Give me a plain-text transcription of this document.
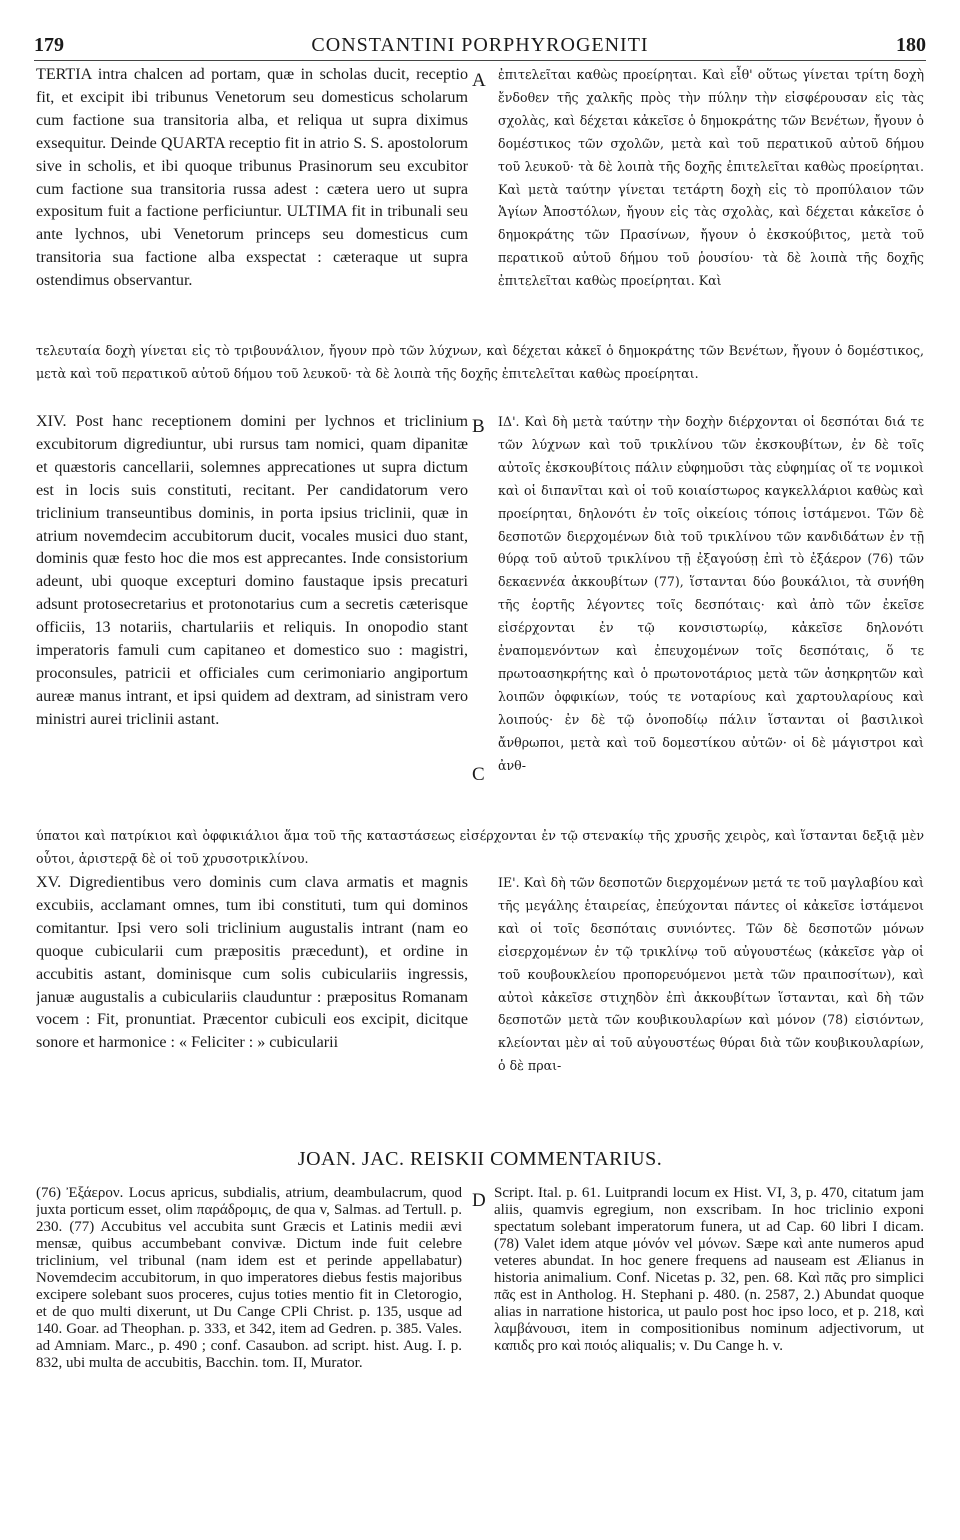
179	CONSTANTINI PORPHYROGENITI	180

TERTIA intra chalcen ad portam, quæ in scholas ducit, receptio fit, et excipit ibi tribunus Venetorum seu domesticus scholarum cum factione sua transitoria alba, et reliqua ut supra diximus exsequitur. Deinde QUARTA receptio fit in atrio S. S. apostolorum sive in scholis, et ibi quoque tribunus Prasinorum seu excubitor cum factione sua transitoria russa adest : cætera uero ut supra expositum fuit a factione perficiuntur. ULTIMA fit in tribunali seu ante lychnos, ubi Venetorum princeps seu domesticus cum transitoria sua factione alba exspectat : cæteraque ut supra ostendimus observantur.

A ἐπιτελεῖται καθὼς προείρηται. Καὶ εἶθ' οὕτως γίνεται τρίτη δοχὴ ἔνδοθεν τῆς χαλκῆς πρὸς τὴν πύλην τὴν εἰσφέρουσαν εἰς τὰς σχολὰς, καὶ δέχεται κἀκεῖσε ὁ δημοκράτης τῶν Βενέτων, ἤγουν ὁ δομέστικος τῶν σχολῶν, μετὰ καὶ τοῦ περατικοῦ αὐτοῦ δήμου τοῦ λευκοῦ· τὰ δὲ λοιπὰ τῆς δοχῆς ἐπιτελεῖται καθὼς προείρηται. Καὶ μετὰ ταύτην γίνεται τετάρτη δοχὴ εἰς τὸ προπύλαιον τῶν Ἁγίων Ἀποστόλων, ἤγουν εἰς τὰς σχολὰς, καὶ δέχεται κἀκεῖσε ὁ δημοκράτης τῶν Πρασίνων, ἤγουν ὁ ἐκσκούβιτος, μετὰ τοῦ περατικοῦ αὐτοῦ δήμου τοῦ ῥουσίου· τὰ δὲ λοιπὰ τῆς δοχῆς ἐπιτελεῖται καθὼς προείρηται. Καὶ

τελευταία δοχὴ γίνεται εἰς τὸ τριβουνάλιον, ἤγουν πρὸ τῶν λύχνων, καὶ δέχεται κἀκεῖ ὁ δημοκράτης τῶν Βενέτων, ἤγουν ὁ δομέστικος, μετὰ καὶ τοῦ περατικοῦ αὐτοῦ δήμου τοῦ λευκοῦ· τὰ δὲ λοιπὰ τῆς δοχῆς ἐπιτελεῖται καθὼς προείρηται.

XIV. Post hanc receptionem domini per lychnos et triclinium excubitorum digrediuntur, ubi rursus tam nomici, quam dipanitæ et quæstoris cancellarii, solemnes apprecationes ut supra dictum est in locis suis constituti, recitant. Per candidatorum vero triclinium transeuntibus dominis, in porta ipsius triclinii, quæ in atrium novemdecim accubitorum ducit, vocales musici duo stant, dominis quæ festo hoc die mos est apprecantes. Inde consistorium adeunt, ubi quoque excepturi domino faustaque ipsis precaturi adsunt protosecretarius et protonotarius cum a secretis cæterisque officiis, 13 notariis, chartulariis et reliquis. In onopodio stant imperatoris famuli cum capitaneo et domestico suo : magistri, proconsules, patricii et officiales cum cerimoniario angiportum aureæ manus intrant, et ipsi quidem ad dextram, ad sinistram vero ministri aurei triclinii astant.

B
C

ΙΔ'. Καὶ δὴ μετὰ ταύτην τὴν δοχὴν διέρχονται οἱ δεσπόται διά τε τῶν λύχνων καὶ τοῦ τρικλίνου τῶν ἐκσκουβίτων, ἐν δὲ τοῖς αὐτοῖς ἐκσκουβίτοις πάλιν εὐφημοῦσι τὰς εὐφημίας οἵ τε νομικοὶ καὶ οἱ διπανῖται καὶ οἱ τοῦ κοιαίστωρος καγκελλάριοι καθὼς καὶ προείρηται, δηλονότι ἐν τοῖς οἰκείοις τόποις ἱστάμενοι. Τῶν δὲ δεσποτῶν διερχομένων διὰ τοῦ τρικλίνου τῶν κανδιδάτων ἐν τῇ θύρᾳ τοῦ αὐτοῦ τρικλίνου τῇ ἐξαγούσῃ ἐπὶ τὸ ἐξάερον (76) τῶν δεκαεννέα ἀκκουβίτων (77), ἵστανται δύο βουκάλιοι, τὰ συνήθη τῆς ἑορτῆς λέγοντες τοῖς δεσπόταις· καὶ ἀπὸ τῶν ἐκεῖσε εἰσέρχονται ἐν τῷ κονσιστωρίῳ, κἀκεῖσε δηλονότι ἐναπομενόντων καὶ ἐπευχομένων τοῖς δεσπόταις, ὅ τε πρωτοασηκρήτης καὶ ὁ πρωτονοτάριος μετὰ τῶν ἀσηκρητῶν καὶ λοιπῶν ὀφφικίων, τούς τε νοταρίους καὶ χαρτουλαρίους καὶ λοιπούς· ἐν δὲ τῷ ὀνοποδίῳ πάλιν ἵστανται οἱ βασιλικοὶ ἄνθρωποι, μετὰ καὶ τοῦ δομεστίκου αὐτῶν· οἱ δὲ μάγιστροι καὶ ἀνθ-

ύπατοι καὶ πατρίκιοι καὶ ὀφφικιάλιοι ἅμα τοῦ τῆς καταστάσεως εἰσέρχονται ἐν τῷ στενακίῳ τῆς χρυσῆς χειρὸς, καὶ ἵστανται δεξιᾷ μὲν οὗτοι, ἀριστερᾷ δὲ οἱ τοῦ χρυσοτρικλίνου.

XV. Digredientibus vero dominis cum clava armatis et magnis excubiis, acclamant omnes, tum ibi constituti, tum qui dominos comitantur. Ipsi vero soli triclinium augustalis intrant (nam eo quoque cubicularii cum præpositis præcedunt), et ordine in accubitis astant, dominisque cum solis cubiculariis ingressis, januæ augustalis a cubiculariis clauduntur : præpositus Romanam vocem : Fit, pronuntiat. Præcentor cubiculi eos excipit, dicitque sonore et harmonice : « Feliciter : » cubicularii

ΙΕ'. Καὶ δὴ τῶν δεσποτῶν διερχομένων μετά τε τοῦ μαγλαβίου καὶ τῆς μεγάλης ἑταιρείας, ἐπεύχονται πάντες οἱ κἀκεῖσε ἱστάμενοι καὶ οἱ τοῖς δεσπόταις συνιόντες. Τῶν δὲ δεσποτῶν μόνων εἰσερχομένων ἐν τῷ τρικλίνῳ τοῦ αὐγουστέως (κἀκεῖσε γὰρ οἱ τοῦ κουβουκλείου προπορευόμενοι μετὰ τῶν πραιποσίτων), καὶ αὐτοὶ κἀκεῖσε στιχηδὸν ἐπὶ ἀκκουβίτων ἵστανται, καὶ δὴ τῶν δεσποτῶν μετὰ τῶν κουβικουλαρίων καὶ μόνον (78) εἰσιόντων, κλείονται μὲν αἱ τοῦ αὐγουστέως θύραι διὰ τῶν κουβικουλαρίων, ὁ δὲ πραι-

JOAN. JAC. REISKII COMMENTARIUS.
D

(76) Ἐξάερον. Locus apricus, subdialis, atrium, deambulacrum, quod juxta porticum esset, olim παράδρομις, de qua v, Salmas. ad Tertull. p. 230. (77) Accubitus vel accubita sunt Græcis et Latinis medii ævi mensæ, quibus accumbebant convivæ. Dictum inde fuit celebre triclinium, vel tribunal (nam idem est et perinde appellabatur) Novemdecim accubitorum, in quo imperatores diebus festis majoribus excipere solebant suos proceres, cujus toties mentio fit in Cletorogio, et de quo multi dixerunt, ut Du Cange CPli Christ. p. 135, usque ad 140. Goar. ad Theophan. p. 333, et 342, item ad Gedren. p. 385. Vales. ad Amniam. Marc., p. 490 ; conf. Casaubon. ad script. hist. Aug. I. p. 832, ubi multa de accubitis, Bacchin. tom. II, Murator.

Script. Ital. p. 61. Luitprandi locum ex Hist. VI, 3, p. 470, citatum jam aliis, quamvis egregium, non exscribam. In hoc triclinio exponi spectatum solebant imperatorum funera, ut ad Cap. 60 libri I dicam. (78) Valet idem atque μόνόν vel μόνων. Sæpe καὶ ante numeros apud veteres abundat. In hoc genere frequens ad nauseam est Ælianus in historia animalium. Conf. Nicetas p. 32, pen. 68. Καὶ πᾶς pro simplici πᾶς est in Antholog. H. Stephani p. 480. (n. 2587, 2.) Abundat quoque alias in narratione historica, ut paulo post hoc ipso loco, et p. 218, καὶ λαμβάνουσι, item in compositionibus nominum adjectivorum, ut καπιδς pro καὶ ποιός aliqualis; v. Du Cange h. v.
